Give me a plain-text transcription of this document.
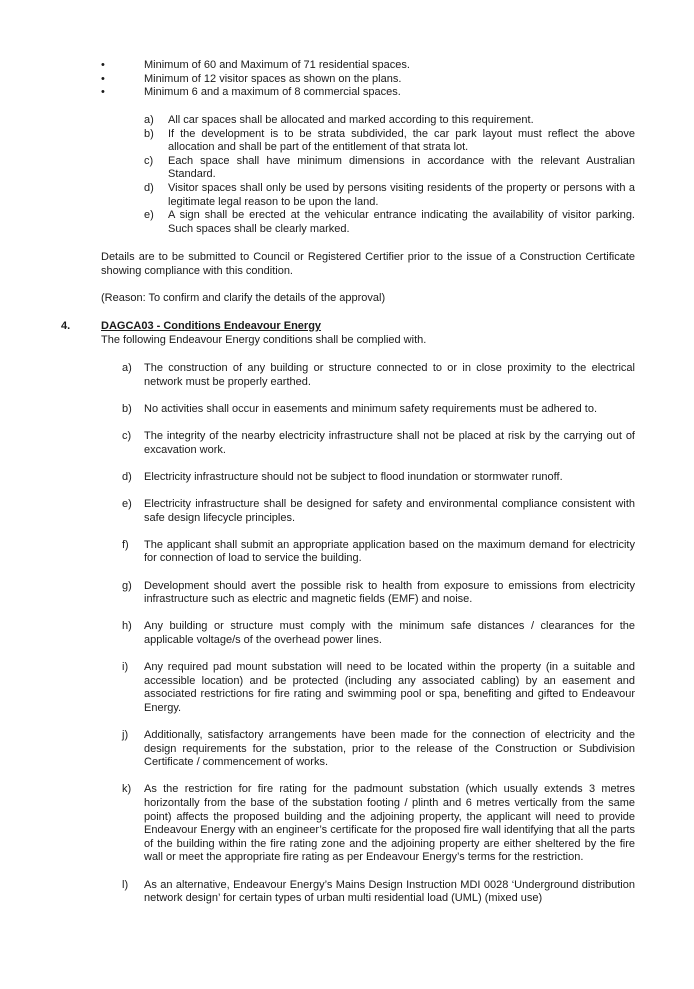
•	Minimum of 60 and Maximum of 71 residential spaces.
•	Minimum of 12 visitor spaces as shown on the plans.
•	Minimum 6 and a maximum of 8 commercial spaces.
a)	All car spaces shall be allocated and marked according to this requirement.
b)	If the development is to be strata subdivided, the car park layout must reflect the above allocation and shall be part of the entitlement of that strata lot.
c)	Each space shall have minimum dimensions in accordance with the relevant Australian Standard.
d)	Visitor spaces shall only be used by persons visiting residents of the property or persons with a legitimate legal reason to be upon the land.
e)	A sign shall be erected at the vehicular entrance indicating the availability of visitor parking. Such spaces shall be clearly marked.
Details are to be submitted to Council or Registered Certifier prior to the issue of a Construction Certificate showing compliance with this condition.
(Reason: To confirm and clarify the details of the approval)
4.	DAGCA03 - Conditions Endeavour Energy
The following Endeavour Energy conditions shall be complied with.
a)	The construction of any building or structure connected to or in close proximity to the electrical network must be properly earthed.
b)	No activities shall occur in easements and minimum safety requirements must be adhered to.
c)	The integrity of the nearby electricity infrastructure shall not be placed at risk by the carrying out of excavation work.
d)	Electricity infrastructure should not be subject to flood inundation or stormwater runoff.
e)	Electricity infrastructure shall be designed for safety and environmental compliance consistent with safe design lifecycle principles.
f)	The applicant shall submit an appropriate application based on the maximum demand for electricity for connection of load to service the building.
g)	Development should avert the possible risk to health from exposure to emissions from electricity infrastructure such as electric and magnetic fields (EMF) and noise.
h)	Any building or structure must comply with the minimum safe distances / clearances for the applicable voltage/s of the overhead power lines.
i)	Any required pad mount substation will need to be located within the property (in a suitable and accessible location) and be protected (including any associated cabling) by an easement and associated restrictions for fire rating and swimming pool or spa, benefiting and gifted to Endeavour Energy.
j)	Additionally, satisfactory arrangements have been made for the connection of electricity and the design requirements for the substation, prior to the release of the Construction or Subdivision Certificate / commencement of works.
k)	As the restriction for fire rating for the padmount substation (which usually extends 3 metres horizontally from the base of the substation footing / plinth and 6 metres vertically from the same point) affects the proposed building and the adjoining property, the applicant will need to provide Endeavour Energy with an engineer’s certificate for the proposed fire wall identifying that all the parts of the building within the fire rating zone and the adjoining property are either sheltered by the fire wall or meet the appropriate fire rating as per Endeavour Energy’s terms for the restriction.
l)	As an alternative, Endeavour Energy’s Mains Design Instruction MDI 0028 ‘Underground distribution network design’ for certain types of urban multi residential load (UML) (mixed use)
